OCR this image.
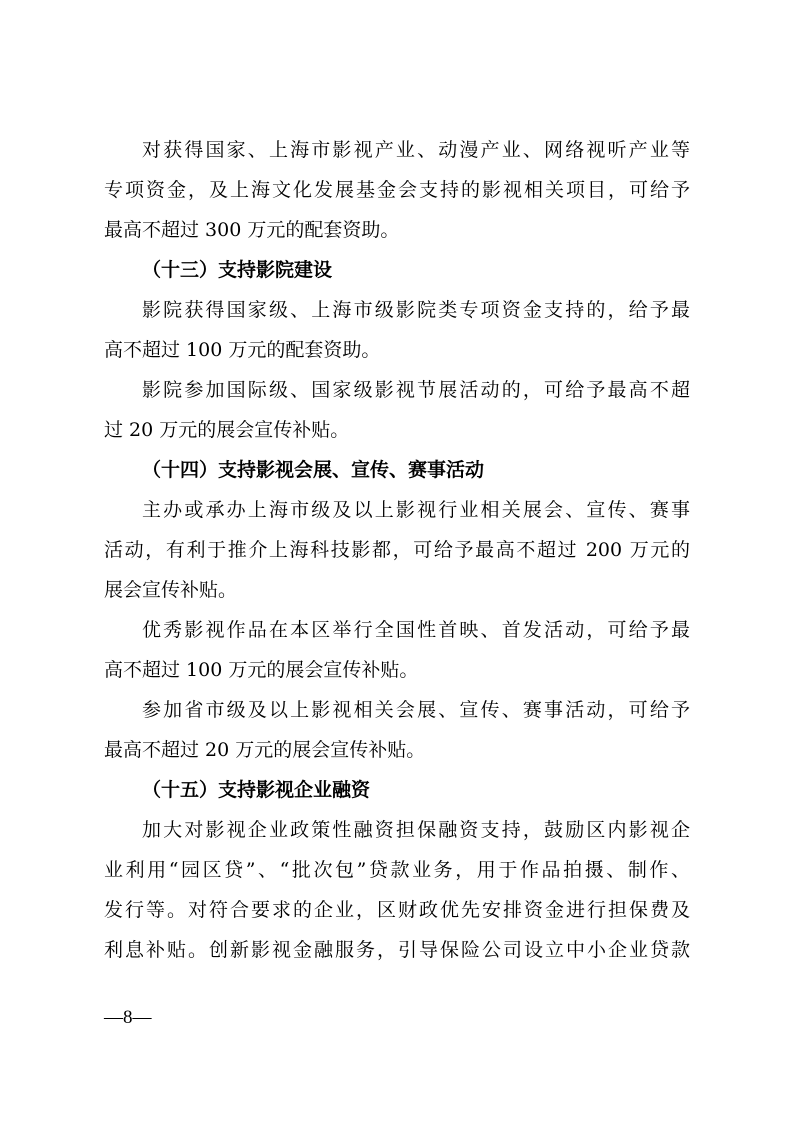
对获得国家、上海市影视产业、动漫产业、网络视听产业等
专项资金，及上海文化发展基金会支持的影视相关项目，可给予
最高不超过 300 万元的配套资助。
（十三）支持影院建设
影院获得国家级、上海市级影院类专项资金支持的，给予最
高不超过 100 万元的配套资助。
影院参加国际级、国家级影视节展活动的，可给予最高不超
过 20 万元的展会宣传补贴。
（十四）支持影视会展、宣传、赛事活动
主办或承办上海市级及以上影视行业相关展会、宣传、赛事
活动，有利于推介上海科技影都，可给予最高不超过 200 万元的
展会宣传补贴。
优秀影视作品在本区举行全国性首映、首发活动，可给予最
高不超过 100 万元的展会宣传补贴。
参加省市级及以上影视相关会展、宣传、赛事活动，可给予
最高不超过 20 万元的展会宣传补贴。
（十五）支持影视企业融资
加大对影视企业政策性融资担保融资支持，鼓励区内影视企
业利用“园区贷”、“批次包”贷款业务，用于作品拍摄、制作、
发行等。对符合要求的企业，区财政优先安排资金进行担保费及
利息补贴。创新影视金融服务，引导保险公司设立中小企业贷款
—8—
